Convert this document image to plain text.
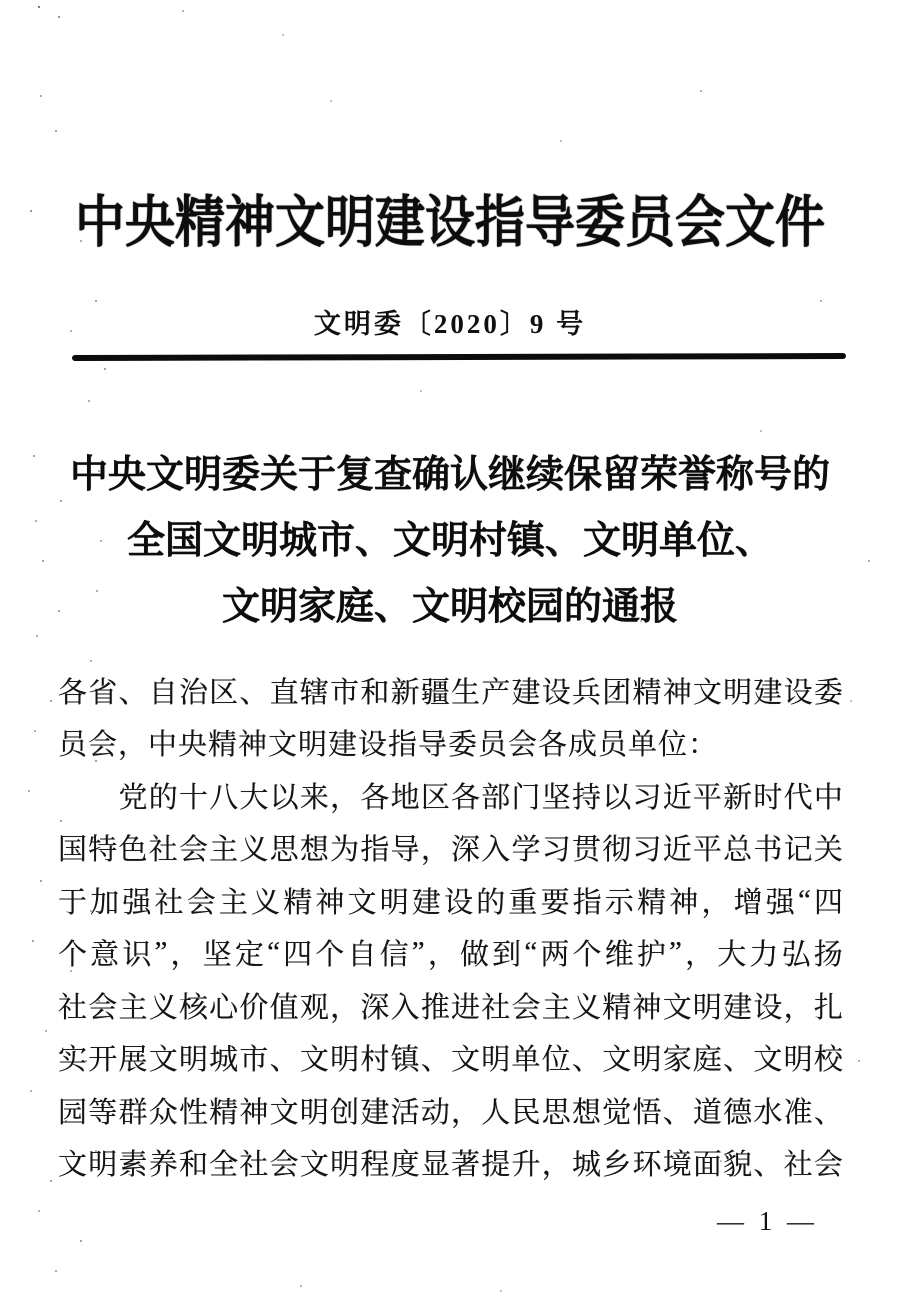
中央精神文明建设指导委员会文件
文明委〔2020〕9 号
中央文明委关于复查确认继续保留荣誉称号的
全国文明城市、文明村镇、文明单位、
文明家庭、文明校园的通报
各 省 、 自 治 区 、 直 辖 市 和 新 疆 生 产 建 设 兵 团 精 神 文 明 建 设 委
员会，中央精神文明建设指导委员会各成员单位：

党 的 十 八 大 以 来 ， 各 地 区 各 部 门 坚 持 以 习 近 平 新 时 代 中
国 特 色 社 会 主 义 思 想 为 指 导 ， 深 入 学 习 贯 彻 习 近 平 总 书 记 关
于 加 强 社 会 主 义 精 神 文 明 建 设 的 重 要 指 示 精 神 ， 增 强 “ 四
个 意 识 ” ， 坚 定 “ 四 个 自 信 ” ， 做 到 “ 两 个 维 护 ” ， 大 力 弘 扬
社 会 主 义 核 心 价 值 观 ， 深 入 推 进 社 会 主 义 精 神 文 明 建 设 ， 扎
实 开 展 文 明 城 市 、 文 明 村 镇 、 文 明 单 位 、 文 明 家 庭 、 文 明 校
园 等 群 众 性 精 神 文 明 创 建 活 动 ， 人 民 思 想 觉 悟 、 道 德 水 准 、
文 明 素 养 和 全 社 会 文 明 程 度 显 著 提 升 ， 城 乡 环 境 面 貌 、 社 会
— 1 —
